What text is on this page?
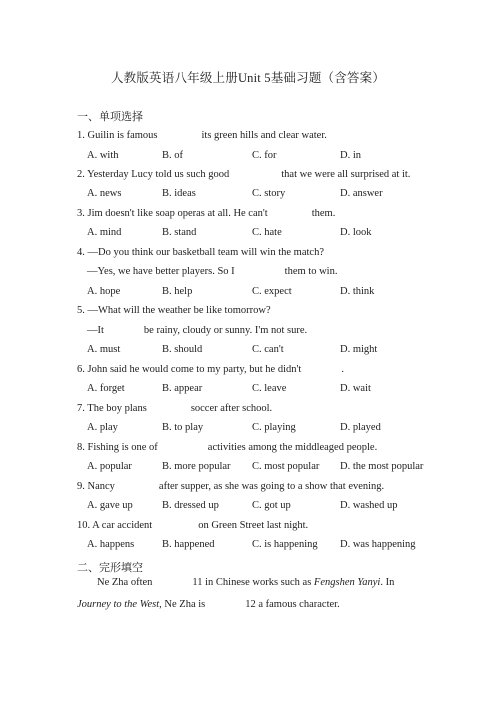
人教版英语八年级上册Unit 5基础习题（含答案）
一、单项选择
1. Guilin is famous	its green hills and clear water.
A. with	B. of	C. for	D. in
2. Yesterday Lucy told us such good	that we were all surprised at it.
A. news	B. ideas	C. story	D. answer
3. Jim doesn't like soap operas at all. He can't	them.
A. mind	B. stand	C. hate	D. look
4. —Do you think our basketball team will win the match?
—Yes, we have better players. So I	them to win.
A. hope	B. help	C. expect	D. think
5. —What will the weather be like tomorrow?
—It	be rainy, cloudy or sunny. I'm not sure.
A. must	B. should	C. can't	D. might
6. John said he would come to my party, but he didn't	.
A. forget	B. appear	C. leave	D. wait
7. The boy plans	soccer after school.
A. play	B. to play	C. playing	D. played
8. Fishing is one of	activities among the middleaged people.
A. popular	B. more popular C. most popular D. the most popular
9. Nancy	after supper, as she was going to a show that evening.
A. gave up	B. dressed up	C. got up	D. washed up
10. A car accident	on Green Street last night.
A. happens	B. happened	C. is happening D. was happening
二、完形填空
Ne Zha often	11 in Chinese works such as Fengshen Yanyi. In Journey to the West, Ne Zha is	12 a famous character.
